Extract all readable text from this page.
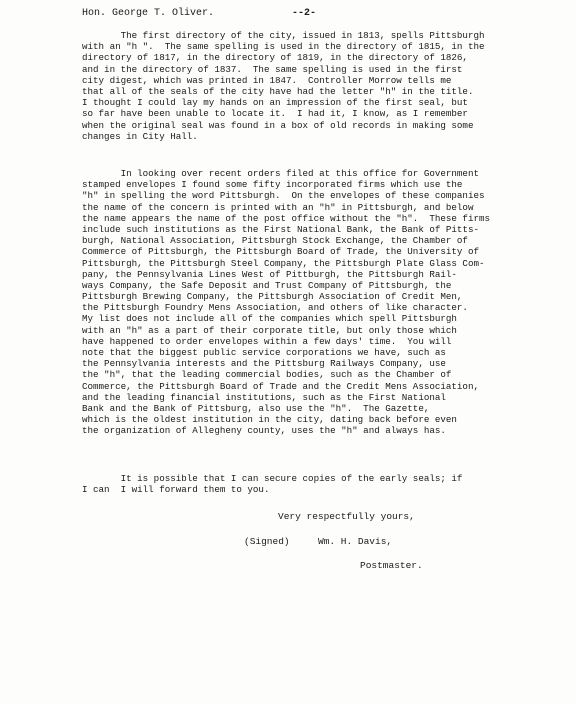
Hon. George T. Oliver.

	--2-

The first directory of the city, issued in 1813, spells Pittsburgh
with an "h ".  The same spelling is used in the directory of 1815, in the
directory of 1817, in the directory of 1819, in the directory of 1826,
and in the directory of 1837.  The same spelling is used in the first
city digest, which was printed in 1847.  Controller Morrow tells me
that all of the seals of the city have had the letter "h" in the title.
I thought I could lay my hands on an impression of the first seal, but
so far have been unable to locate it.  I had it, I know, as I remember
when the original seal was found in a box of old records in making some
changes in City Hall.
In looking over recent orders filed at this office for Government
stamped envelopes I found some fifty incorporated firms which use the
"h" in spelling the word Pittsburgh.  On the envelopes of these companies
the name of the concern is printed with an "h" in Pittsburgh, and below
the name appears the name of the post office without the "h".  These firms
include such institutions as the First National Bank, the Bank of Pitts-
burgh, National Association, Pittsburgh Stock Exchange, the Chamber of
Commerce of Pittsburgh, the Pittsburgh Board of Trade, the University of
Pittsburgh, the Pittsburgh Steel Company, the Pittsburgh Plate Glass Com-
pany, the Pennsylvania Lines West of Pittburgh, the Pittsburgh Rail-
ways Company, the Safe Deposit and Trust Company of Pittsburgh, the
Pittsburgh Brewing Company, the Pittsburgh Association of Credit Men,
the Pittsburgh Foundry Mens Association, and others of like character.
My list does not include all of the companies which spell Pittsburgh
with an "h" as a part of their corporate title, but only those which
have happened to order envelopes within a few days' time.  You will
note that the biggest public service corporations we have, such as
the Pennsylvania interests and the Pittsburg Railways Company, use
the "h", that the leading commercial bodies, such as the Chamber of
Commerce, the Pittsburgh Board of Trade and the Credit Mens Association,
and the leading financial institutions, such as the First National
Bank and the Bank of Pittsburg, also use the "h".  The Gazette,
which is the oldest institution in the city, dating back before even
the organization of Allegheny county, uses the "h" and always has.
It is possible that I can secure copies of the early seals; if
I can  I will forward them to you.
Very respectfully yours,
(Signed)	Wm. H. Davis,
Postmaster.
